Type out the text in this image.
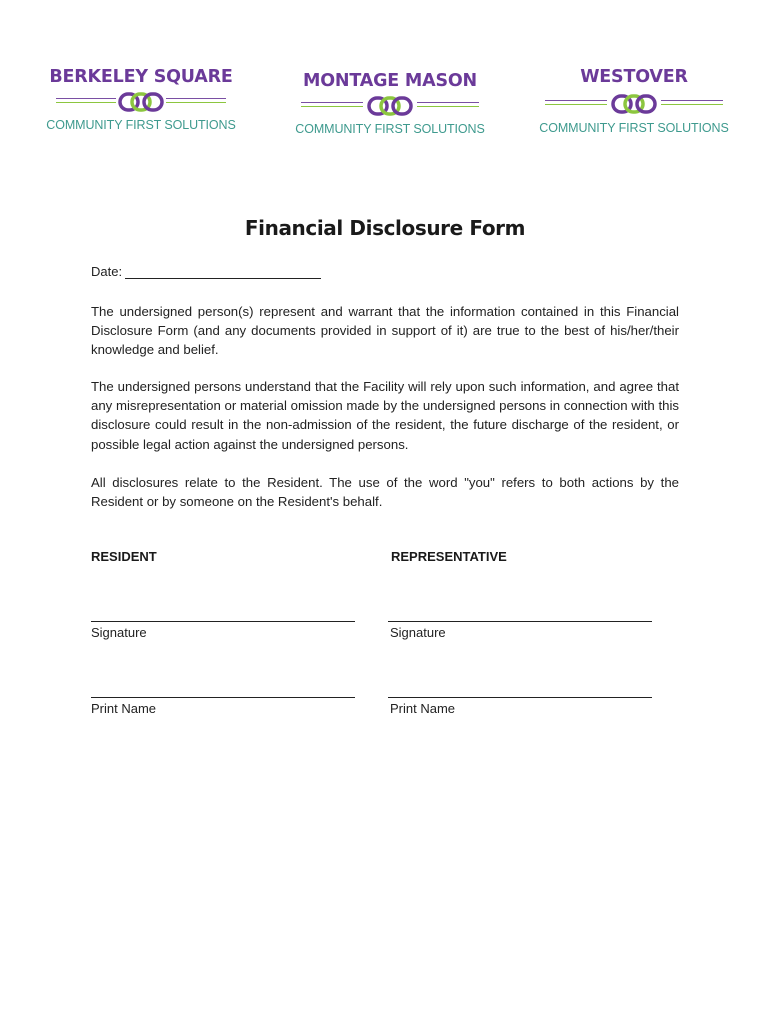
BERKELEY SQUARE
COMMUNITY FIRST SOLUTIONS
MONTAGE MASON
COMMUNITY FIRST SOLUTIONS
WESTOVER
COMMUNITY FIRST SOLUTIONS
Financial Disclosure Form
Date:
The undersigned person(s) represent and warrant that the information contained in this Financial Disclosure Form (and any documents provided in support of it) are true to the best of his/her/their knowledge and belief.
The undersigned persons understand that the Facility will rely upon such information, and agree that any misrepresentation or material omission made by the undersigned persons in connection with this disclosure could result in the non-admission of the resident, the future discharge of the resident, or possible legal action against the undersigned persons.
All disclosures relate to the Resident. The use of the word "you" refers to both actions by the Resident or by someone on the Resident's behalf.
RESIDENT
Signature
Print Name
REPRESENTATIVE
Signature
Print Name
